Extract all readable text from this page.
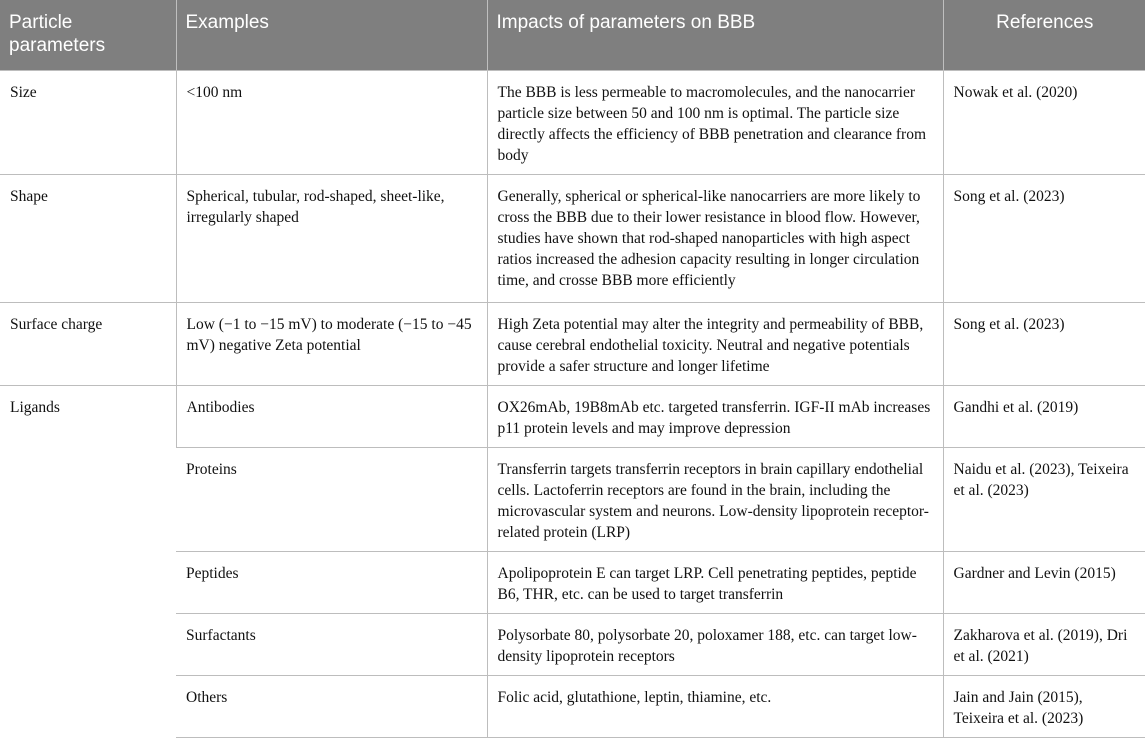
Particle parameters	Examples	Impacts of parameters on BBB	References
Size	<100 nm	The BBB is less permeable to macromolecules, and the nanocarrier particle size between 50 and 100 nm is optimal. The particle size directly affects the efficiency of BBB penetration and clearance from body	Nowak et al. (2020)
Shape	Spherical, tubular, rod-shaped, sheet-like, irregularly shaped	Generally, spherical or spherical-like nanocarriers are more likely to cross the BBB due to their lower resistance in blood flow. However, studies have shown that rod-shaped nanoparticles with high aspect ratios increased the adhesion capacity resulting in longer circulation time, and crosse BBB more efficiently	Song et al. (2023)
Surface charge	Low (−1 to −15 mV) to moderate (−15 to −45 mV) negative Zeta potential	High Zeta potential may alter the integrity and permeability of BBB, cause cerebral endothelial toxicity. Neutral and negative potentials provide a safer structure and longer lifetime	Song et al. (2023)
Ligands	Antibodies	OX26mAb, 19B8mAb etc. targeted transferrin. IGF-II mAb increases p11 protein levels and may improve depression	Gandhi et al. (2019)
	Proteins	Transferrin targets transferrin receptors in brain capillary endothelial cells. Lactoferrin receptors are found in the brain, including the microvascular system and neurons. Low-density lipoprotein receptor-related protein (LRP)	Naidu et al. (2023), Teixeira et al. (2023)
	Peptides	Apolipoprotein E can target LRP. Cell penetrating peptides, peptide B6, THR, etc. can be used to target transferrin	Gardner and Levin (2015)
	Surfactants	Polysorbate 80, polysorbate 20, poloxamer 188, etc. can target low-density lipoprotein receptors	Zakharova et al. (2019), Dri et al. (2021)
	Others	Folic acid, glutathione, leptin, thiamine, etc.	Jain and Jain (2015), Teixeira et al. (2023)
